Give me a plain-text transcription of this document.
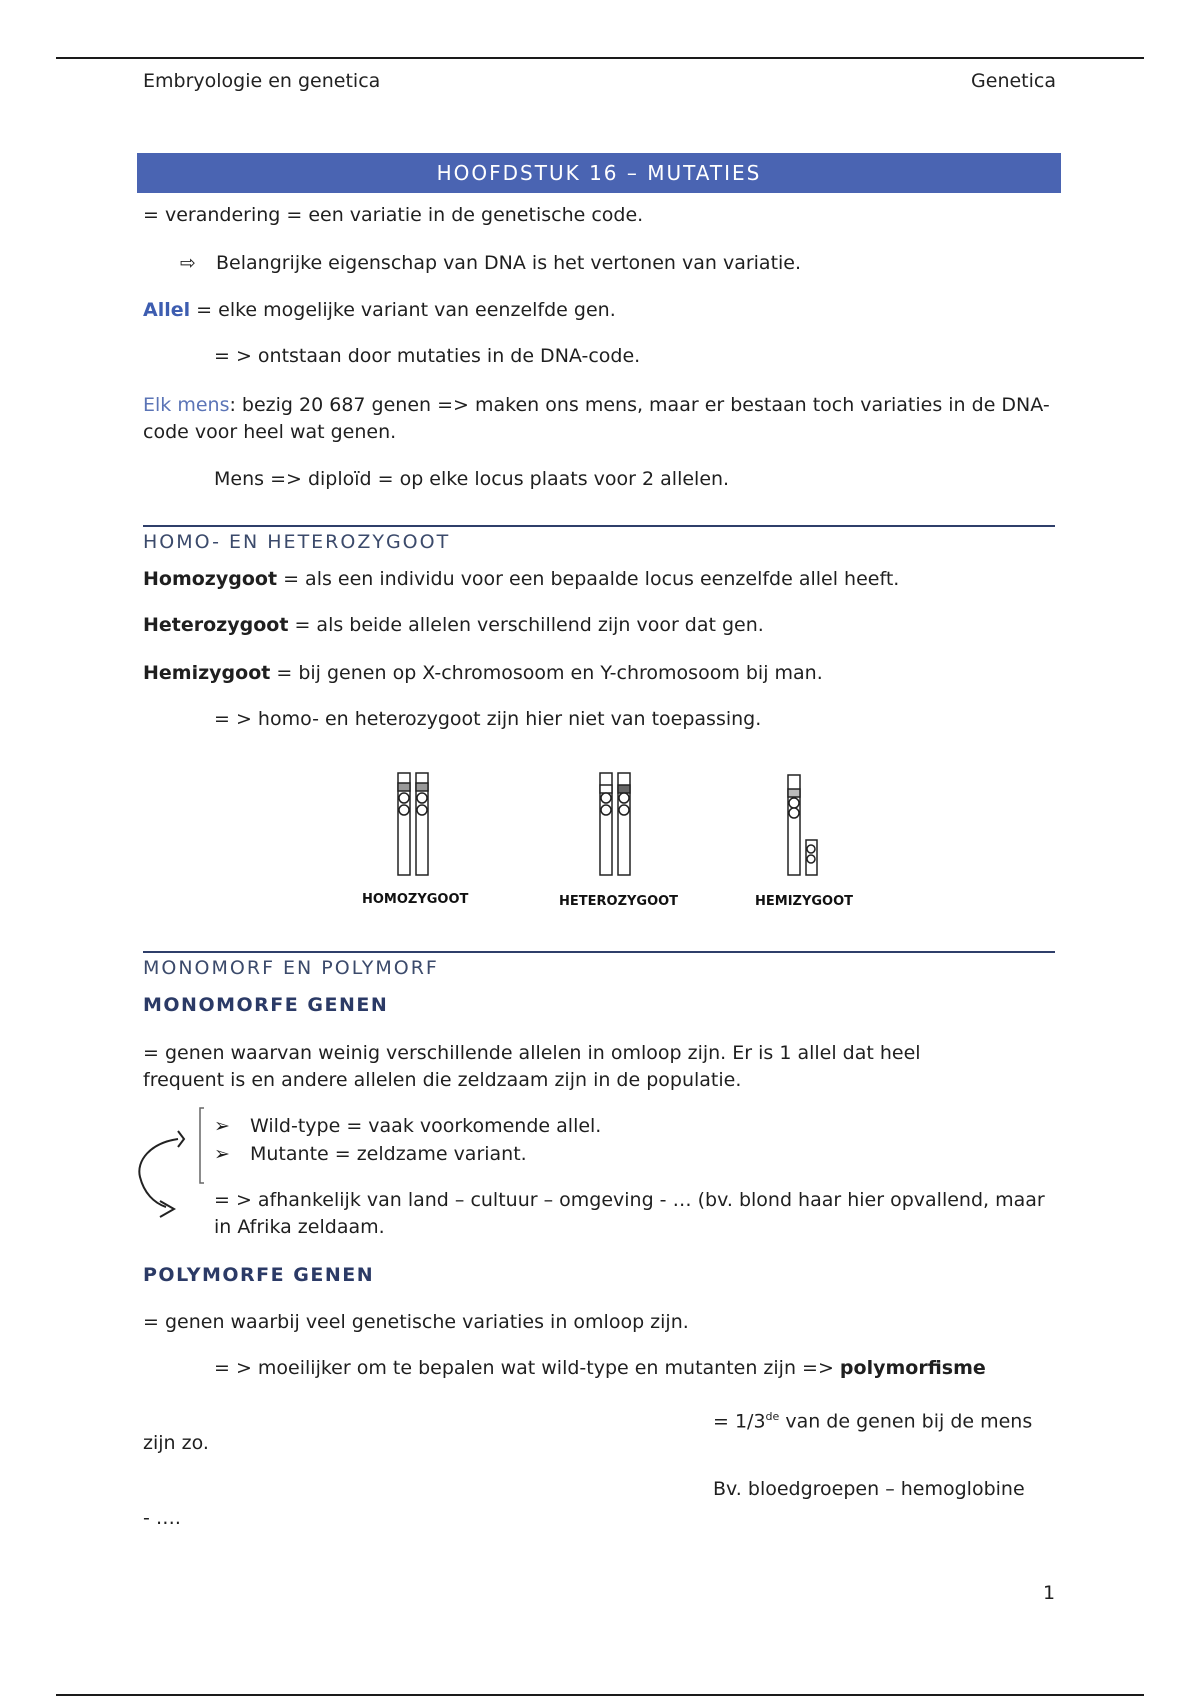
Embryologie en genetica	Genetica
HOOFDSTUK 16 – MUTATIES
= verandering = een variatie in de genetische code.
⇨ Belangrijke eigenschap van DNA is het vertonen van variatie.
Allel = elke mogelijke variant van eenzelfde gen.
= > ontstaan door mutaties in de DNA-code.
Elk mens: bezig 20 687 genen => maken ons mens, maar er bestaan toch variaties in de DNA-code voor heel wat genen.
Mens => diploïd = op elke locus plaats voor 2 allelen.
HOMO- EN HETEROZYGOOT
Homozygoot = als een individu voor een bepaalde locus eenzelfde allel heeft.
Heterozygoot = als beide allelen verschillend zijn voor dat gen.
Hemizygoot = bij genen op X-chromosoom en Y-chromosoom bij man.
= > homo- en heterozygoot zijn hier niet van toepassing.
HOMOZYGOOT	HETEROZYGOOT	HEMIZYGOOT
MONOMORF EN POLYMORF
MONOMORFE GENEN
= genen waarvan weinig verschillende allelen in omloop zijn. Er is 1 allel dat heel frequent is en andere allelen die zeldzaam zijn in de populatie.
➢ Wild-type = vaak voorkomende allel.
➢ Mutante = zeldzame variant.
= > afhankelijk van land – cultuur – omgeving - … (bv. blond haar hier opvallend, maar in Afrika zeldaam.
POLYMORFE GENEN
= genen waarbij veel genetische variaties in omloop zijn.
= > moeilijker om te bepalen wat wild-type en mutanten zijn => polymorfisme
= 1/3de van de genen bij de mens
zijn zo.
Bv. bloedgroepen – hemoglobine
- ….
1
